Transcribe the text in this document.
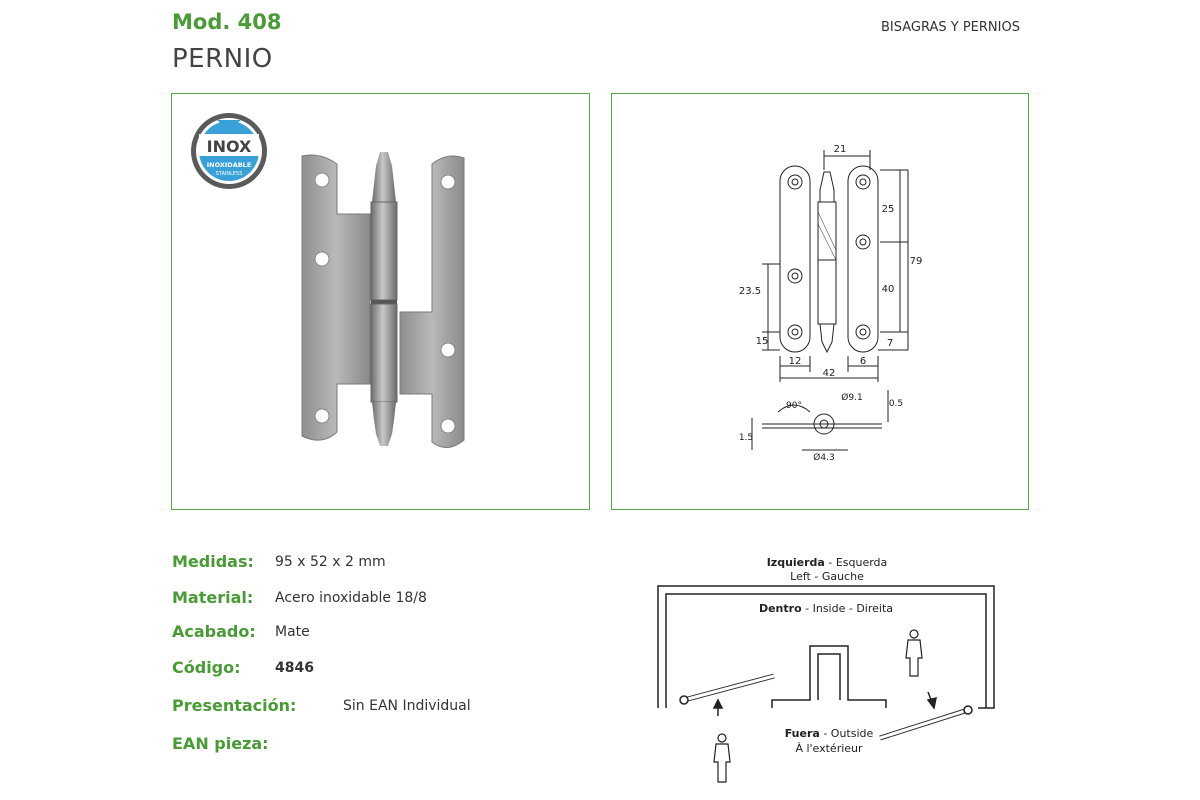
Mod. 408
PERNIO
BISAGRAS Y PERNIOS
INOX
INOXIDABLE
STAINLESS
21
25
79
23.5	40
15	7
12	6
42
90°
Ø9.1
0.5
1.5
Ø4.3
Medidas: 95 x 52 x 2 mm
Material: Acero inoxidable 18/8
Acabado: Mate
Código: 4846
Presentación:	Sin EAN Individual
EAN pieza:
Izquierda - Esquerda
Left - Gauche
Dentro - Inside - Direita
Fuera - Outside
À l'extérieur
